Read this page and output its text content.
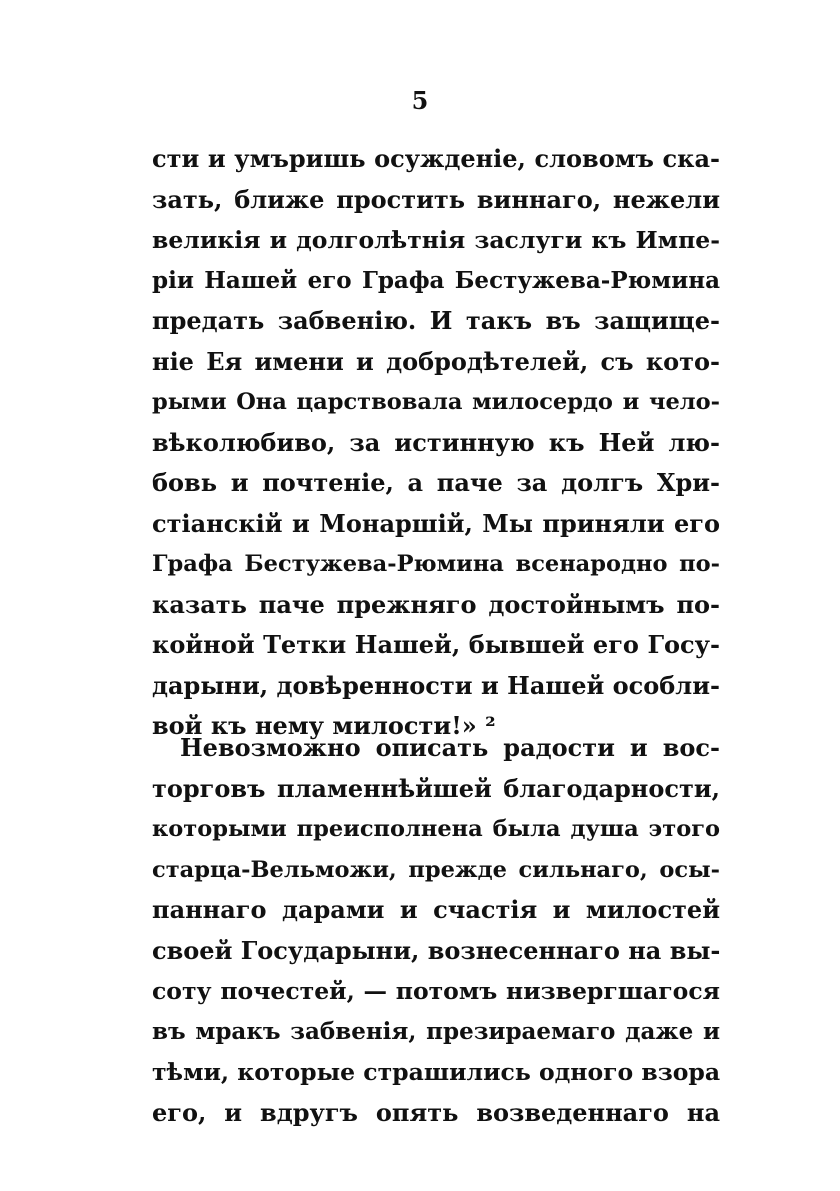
5
сти и умъришь осужденіе, словомъ ска-
зать, ближе простить виннаго, нежели
великія и долголѣтнія заслуги къ Импе-
ріи Нашей его Графа Бестужева-Рюмина
предать забвенію. И такъ въ защище-
ніе Ея имени и добродѣтелей, съ кото-
рыми Она царствовала милосердо и чело-
вѣколюбиво, за истинную къ Ней лю-
бовь и почтеніе, а паче за долгъ Хри-
стіанскій и Монаршій, Мы приняли его
Графа Бестужева-Рюмина всенародно по-
казать паче прежняго достойнымъ по-
койной Тетки Нашей, бывшей его Госу-
дарыни, довѣренности и Нашей особли-
вой къ нему милости!» ²
Невозможно описать радости и вос-
торговъ пламеннѣйшей благодарности,
которыми преисполнена была душа этого
старца-Вельможи, прежде сильнаго, осы-
паннаго дарами и счастія и милостей
своей Государыни, вознесеннаго на вы-
соту почестей, — потомъ низвергшагося
въ мракъ забвенія, презираемаго даже и
тѣми, которые страшились одного взора
его, и вдругъ опять возведеннаго на
